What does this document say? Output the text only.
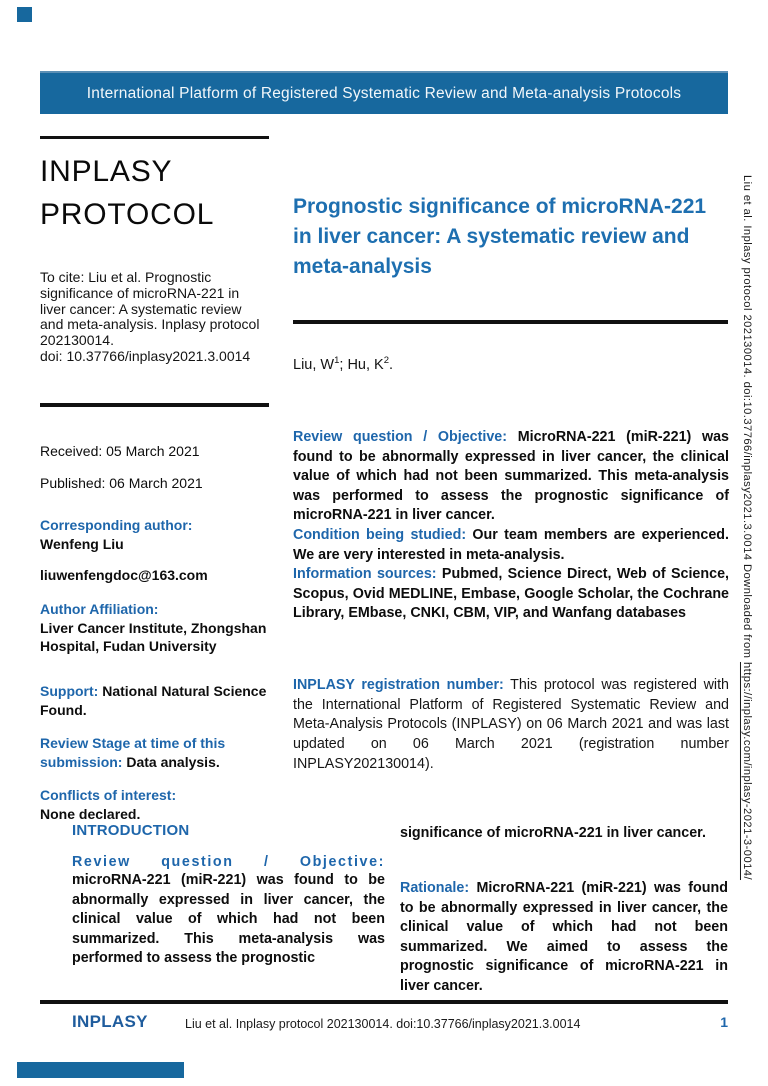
International Platform of Registered Systematic Review and Meta-analysis Protocols
INPLASY
PROTOCOL

To cite: Liu et al. Prognostic significance of microRNA-221 in liver cancer: A systematic review and meta-analysis. Inplasy protocol 202130014.
doi: 10.37766/inplasy2021.3.0014

Received: 05 March 2021

Published: 06 March 2021

Corresponding author:
Wenfeng Liu

liuwenfengdoc@163.com

Author Affiliation:
Liver Cancer Institute, Zhongshan Hospital, Fudan University

Support: National Natural Science Found.

Review Stage at time of this submission: Data analysis.

Conflicts of interest:
None declared.

Prognostic significance of microRNA-221 in liver cancer: A systematic review and meta-analysis

Liu, $W^1$; Hu, $K^2$.

Review question / Objective: MicroRNA-221 (miR-221) was found to be abnormally expressed in liver cancer, the clinical value of which had not been summarized. This meta-analysis was performed to assess the prognostic significance of microRNA-221 in liver cancer.

Condition being studied: Our team members are experienced. We are very interested in meta-analysis.

Information sources: Pubmed, Science Direct, Web of Science, Scopus, Ovid MEDLINE, Embase, Google Scholar, the Cochrane Library, EMbase, CNKI, CBM, VIP, and Wanfang databases

INPLASY registration number: This protocol was registered with the International Platform of Registered Systematic Review and Meta-Analysis Protocols (INPLASY) on 06 March 2021 and was last updated on 06 March 2021 (registration number INPLASY202130014).

INTRODUCTION
Review question / Objective:

microRNA-221 (miR-221) was found to be abnormally expressed in liver cancer, the clinical value of which had not been summarized. This meta-analysis was performed to assess the prognostic

significance of microRNA-221 in liver cancer.

Rationale: MicroRNA-221 (miR-221) was found to be abnormally expressed in liver cancer, the clinical value of which had not been summarized. We aimed to assess the prognostic significance of microRNA-221 in liver cancer.

INPLASY	Liu et al. Inplasy protocol 202130014. doi:10.37766/inplasy2021.3.0014	1
Liu et al. Inplasy protocol 202130014. doi:10.37766/inplasy2021.3.0014 Downloaded from https://inplasy.com/inplasy-2021-3-0014/
